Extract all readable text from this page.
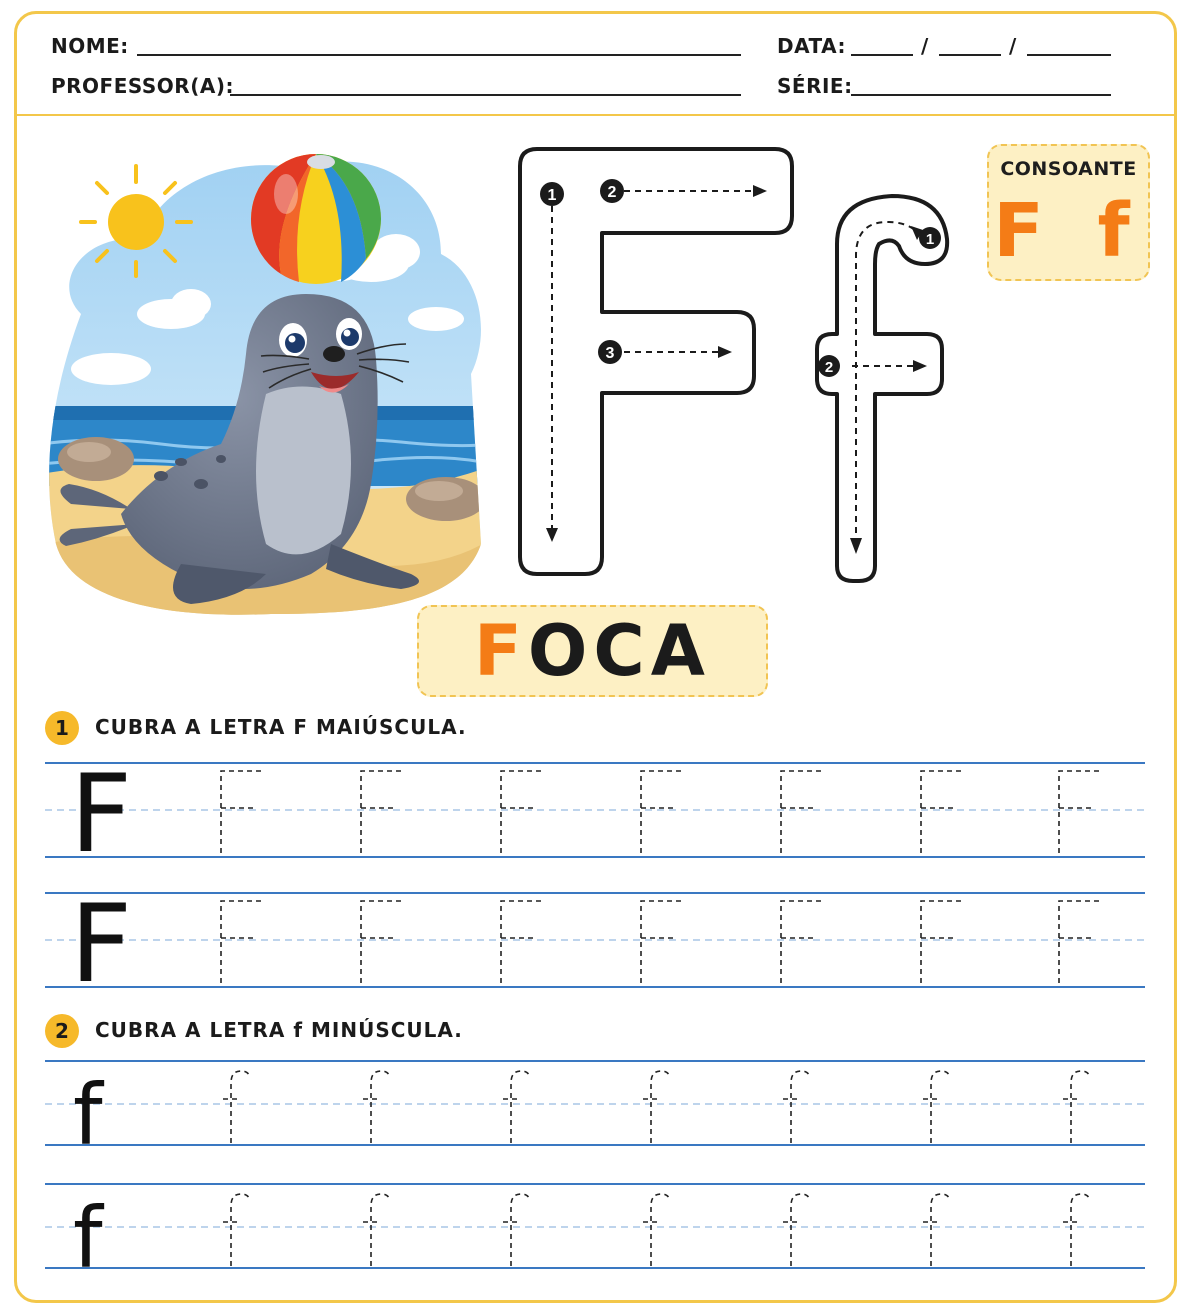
NOME:
PROFESSOR(A):
DATA:	/	/
SÉRIE:
1	2
3
1
2
CONSOANTE
F f
FOCA
1	CUBRA A LETRA F MAIÚSCULA.
F
F
2	CUBRA A LETRA f MINÚSCULA.
f
f
